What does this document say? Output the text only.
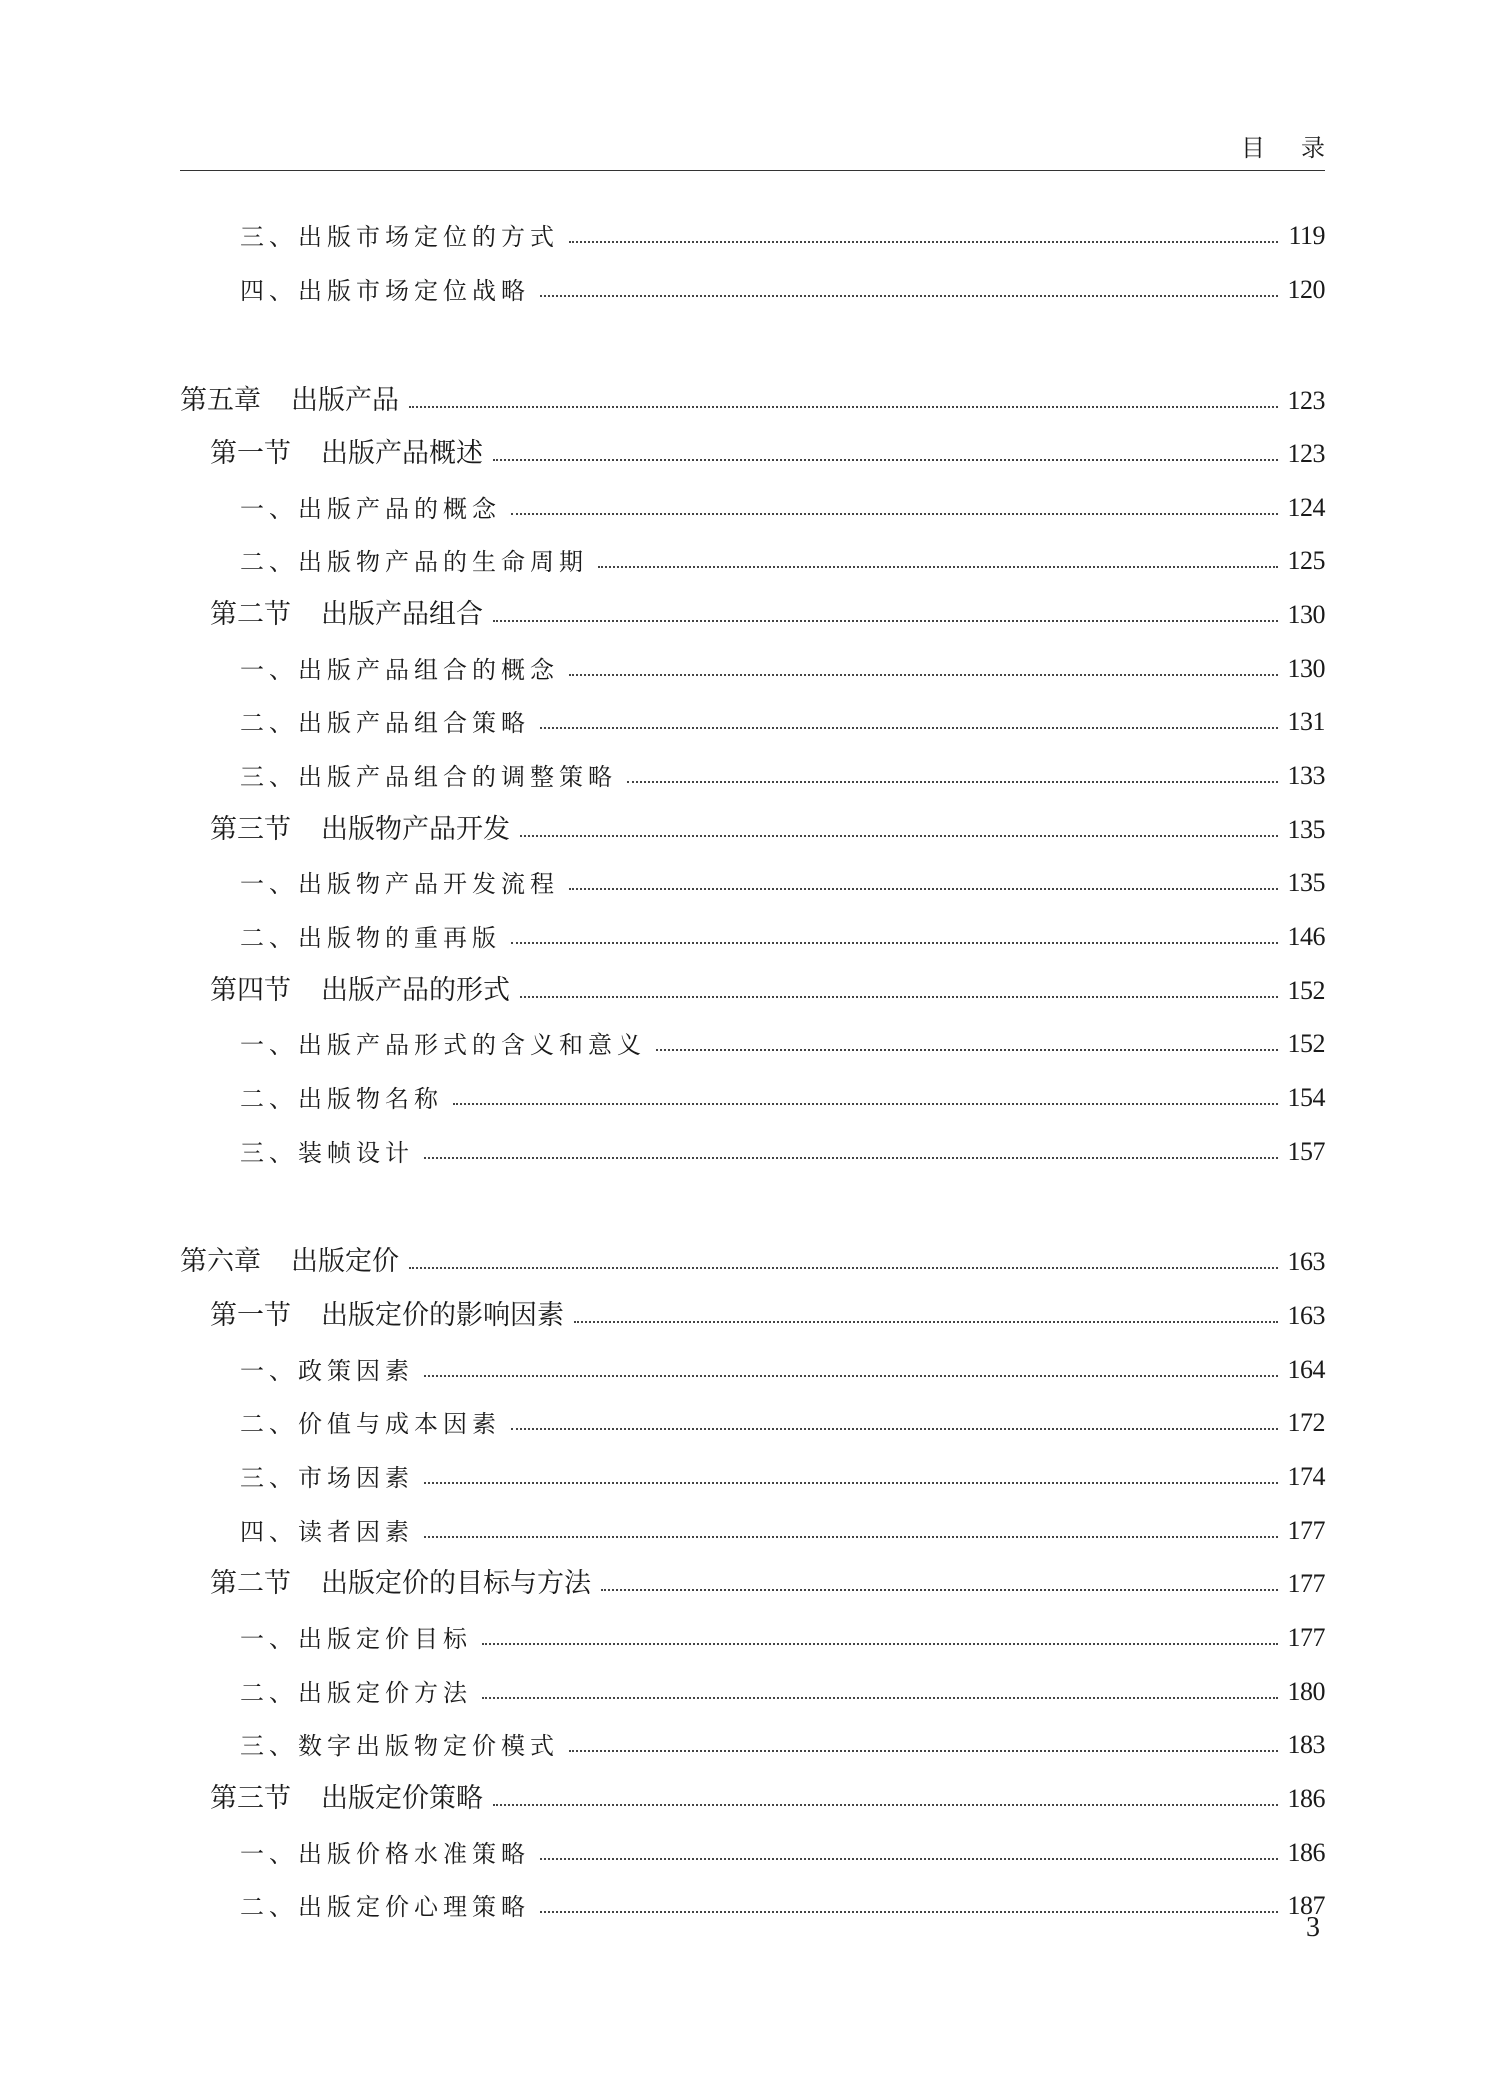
目录
三、出版市场定位的方式	119
四、出版市场定位战略	120
第五章 出版产品	123
第一节 出版产品概述	123
一、出版产品的概念	124
二、出版物产品的生命周期	125
第二节 出版产品组合	130
一、出版产品组合的概念	130
二、出版产品组合策略	131
三、出版产品组合的调整策略	133
第三节 出版物产品开发	135
一、出版物产品开发流程	135
二、出版物的重再版	146
第四节 出版产品的形式	152
一、出版产品形式的含义和意义	152
二、出版物名称	154
三、装帧设计	157
第六章 出版定价	163
第一节 出版定价的影响因素	163
一、政策因素	164
二、价值与成本因素	172
三、市场因素	174
四、读者因素	177
第二节 出版定价的目标与方法	177
一、出版定价目标	177
二、出版定价方法	180
三、数字出版物定价模式	183
第三节 出版定价策略	186
一、出版价格水准策略	186
二、出版定价心理策略	187
3
